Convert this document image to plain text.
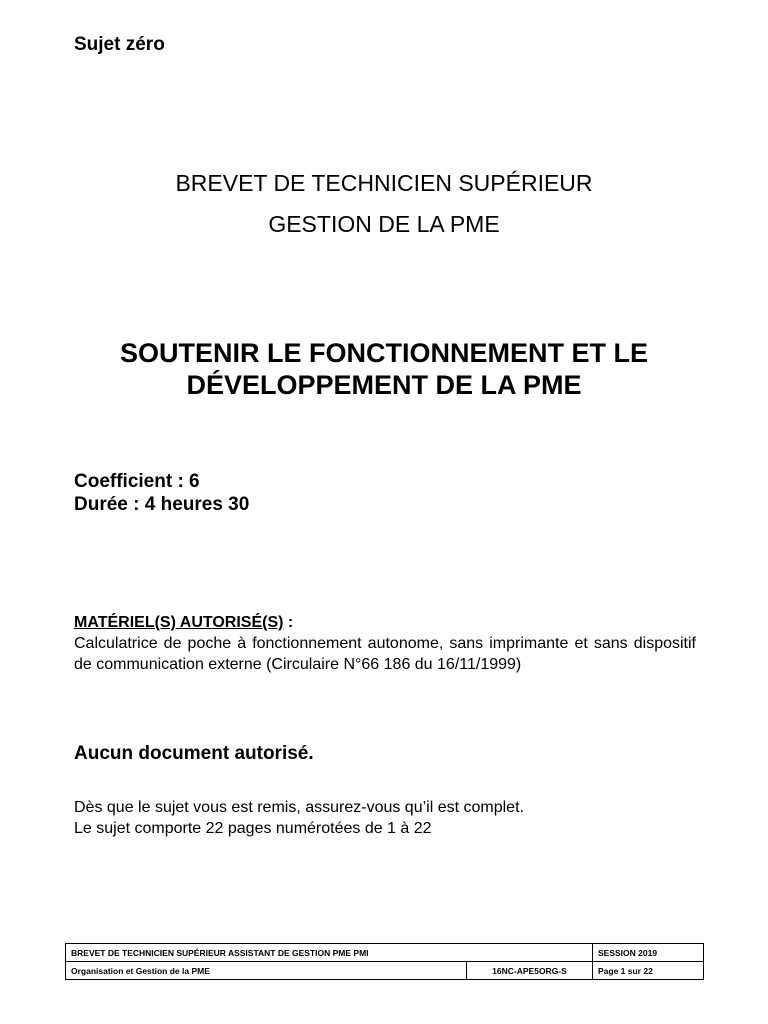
Sujet zéro
BREVET DE TECHNICIEN SUPÉRIEUR
GESTION DE LA PME
SOUTENIR LE FONCTIONNEMENT ET LE
DÉVELOPPEMENT DE LA PME
Coefficient : 6
Durée : 4 heures 30
MATÉRIEL(S) AUTORISÉ(S) :
Calculatrice de poche à fonctionnement autonome, sans imprimante et sans dispositif de communication externe (Circulaire N°66 186 du 16/11/1999)
Aucun document autorisé.
Dès que le sujet vous est remis, assurez-vous qu’il est complet.
Le sujet comporte 22 pages numérotées de 1 à 22
BREVET DE TECHNICIEN SUPÉRIEUR ASSISTANT DE GESTION PME PMI		SESSION 2019
Organisation et Gestion de la PME	16NC-APE5ORG-S	Page 1 sur 22
